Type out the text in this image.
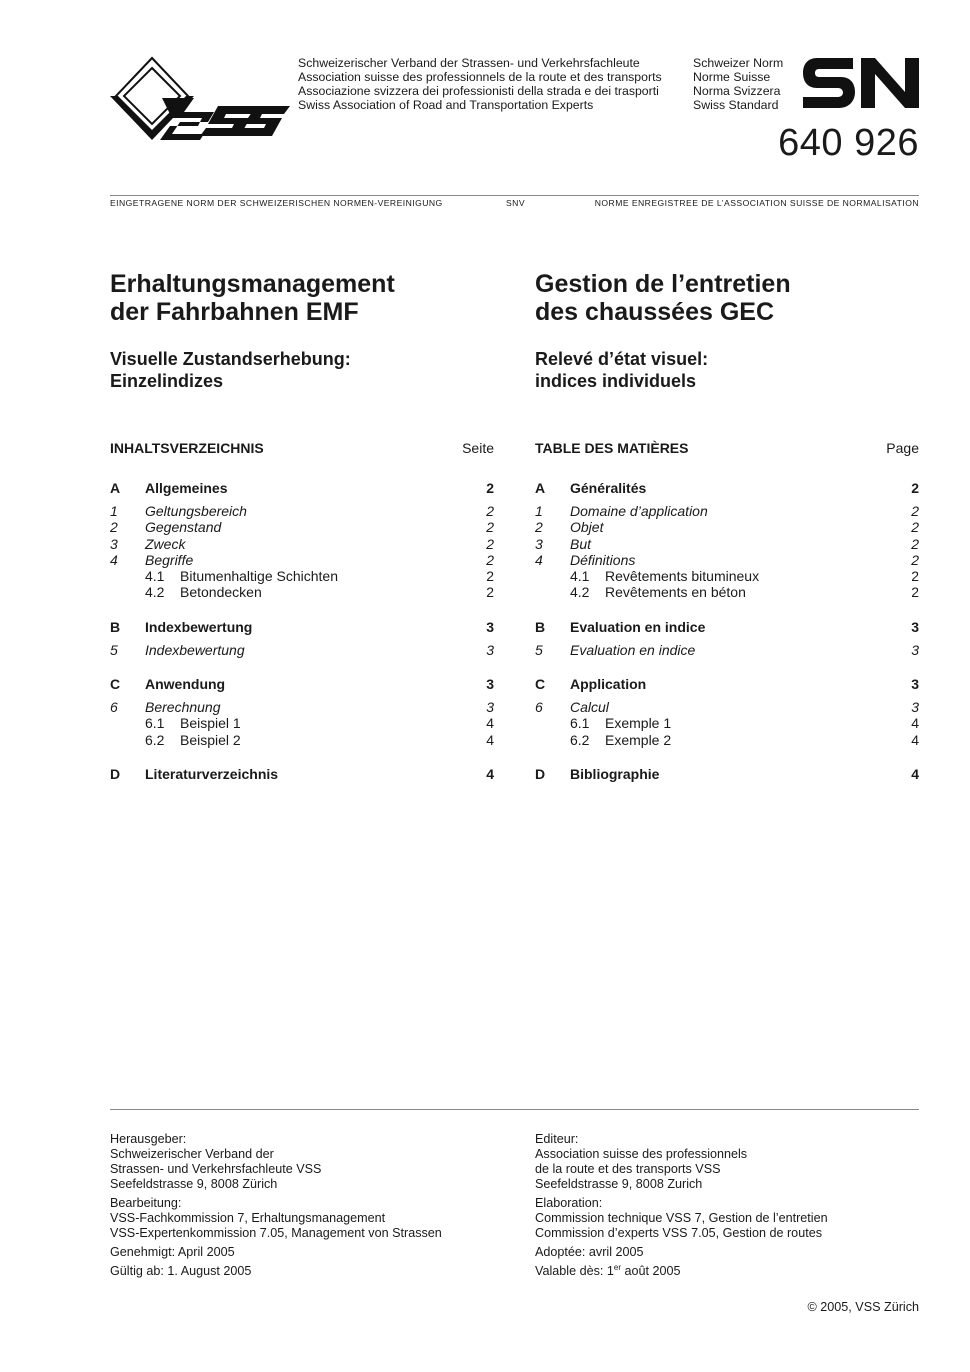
Schweizerischer Verband der Strassen- und Verkehrsfachleute
Association suisse des professionnels de la route et des transports
Associazione svizzera dei professionisti della strada e dei trasporti
Swiss Association of Road and Transportation Experts
Schweizer Norm
Norme Suisse
Norma Svizzera
Swiss Standard
640 926
EINGETRAGENE NORM DER SCHWEIZERISCHEN NORMEN-VEREINIGUNG	SNV	NORME ENREGISTREE DE L’ASSOCIATION SUISSE DE NORMALISATION
Erhaltungsmanagement
der Fahrbahnen EMF
Gestion de l’entretien
des chaussées GEC
Visuelle Zustandserhebung:
Einzelindizes
Relevé d’état visuel:
indices individuels
INHALTSVERZEICHNIS	Seite
A	Allgemeines	2
1	Geltungsbereich	2
2	Gegenstand	2
3	Zweck	2
4	Begriffe	2
4.1	Bitumenhaltige Schichten	2
4.2	Betondecken	2
B	Indexbewertung	3
5	Indexbewertung	3
C	Anwendung	3
6	Berechnung	3
6.1	Beispiel 1	4
6.2	Beispiel 2	4
D	Literaturverzeichnis	4
TABLE DES MATIÈRES	Page
A	Généralités	2
1	Domaine d’application	2
2	Objet	2
3	But	2
4	Définitions	2
4.1	Revêtements bitumineux	2
4.2	Revêtements en béton	2
B	Evaluation en indice	3
5	Evaluation en indice	3
C	Application	3
6	Calcul	3
6.1	Exemple 1	4
6.2	Exemple 2	4
D	Bibliographie	4
Herausgeber:
Schweizerischer Verband der
Strassen- und Verkehrsfachleute VSS
Seefeldstrasse 9, 8008 Zürich
Bearbeitung:
VSS-Fachkommission 7, Erhaltungsmanagement
VSS-Expertenkommission 7.05, Management von Strassen
Genehmigt: April 2005
Gültig ab: 1. August 2005
Editeur:
Association suisse des professionnels
de la route et des transports VSS
Seefeldstrasse 9, 8008 Zurich
Elaboration:
Commission technique VSS 7, Gestion de l’entretien
Commission d’experts VSS 7.05, Gestion de routes
Adoptée: avril 2005
Valable dès: 1er août 2005
© 2005, VSS Zürich
